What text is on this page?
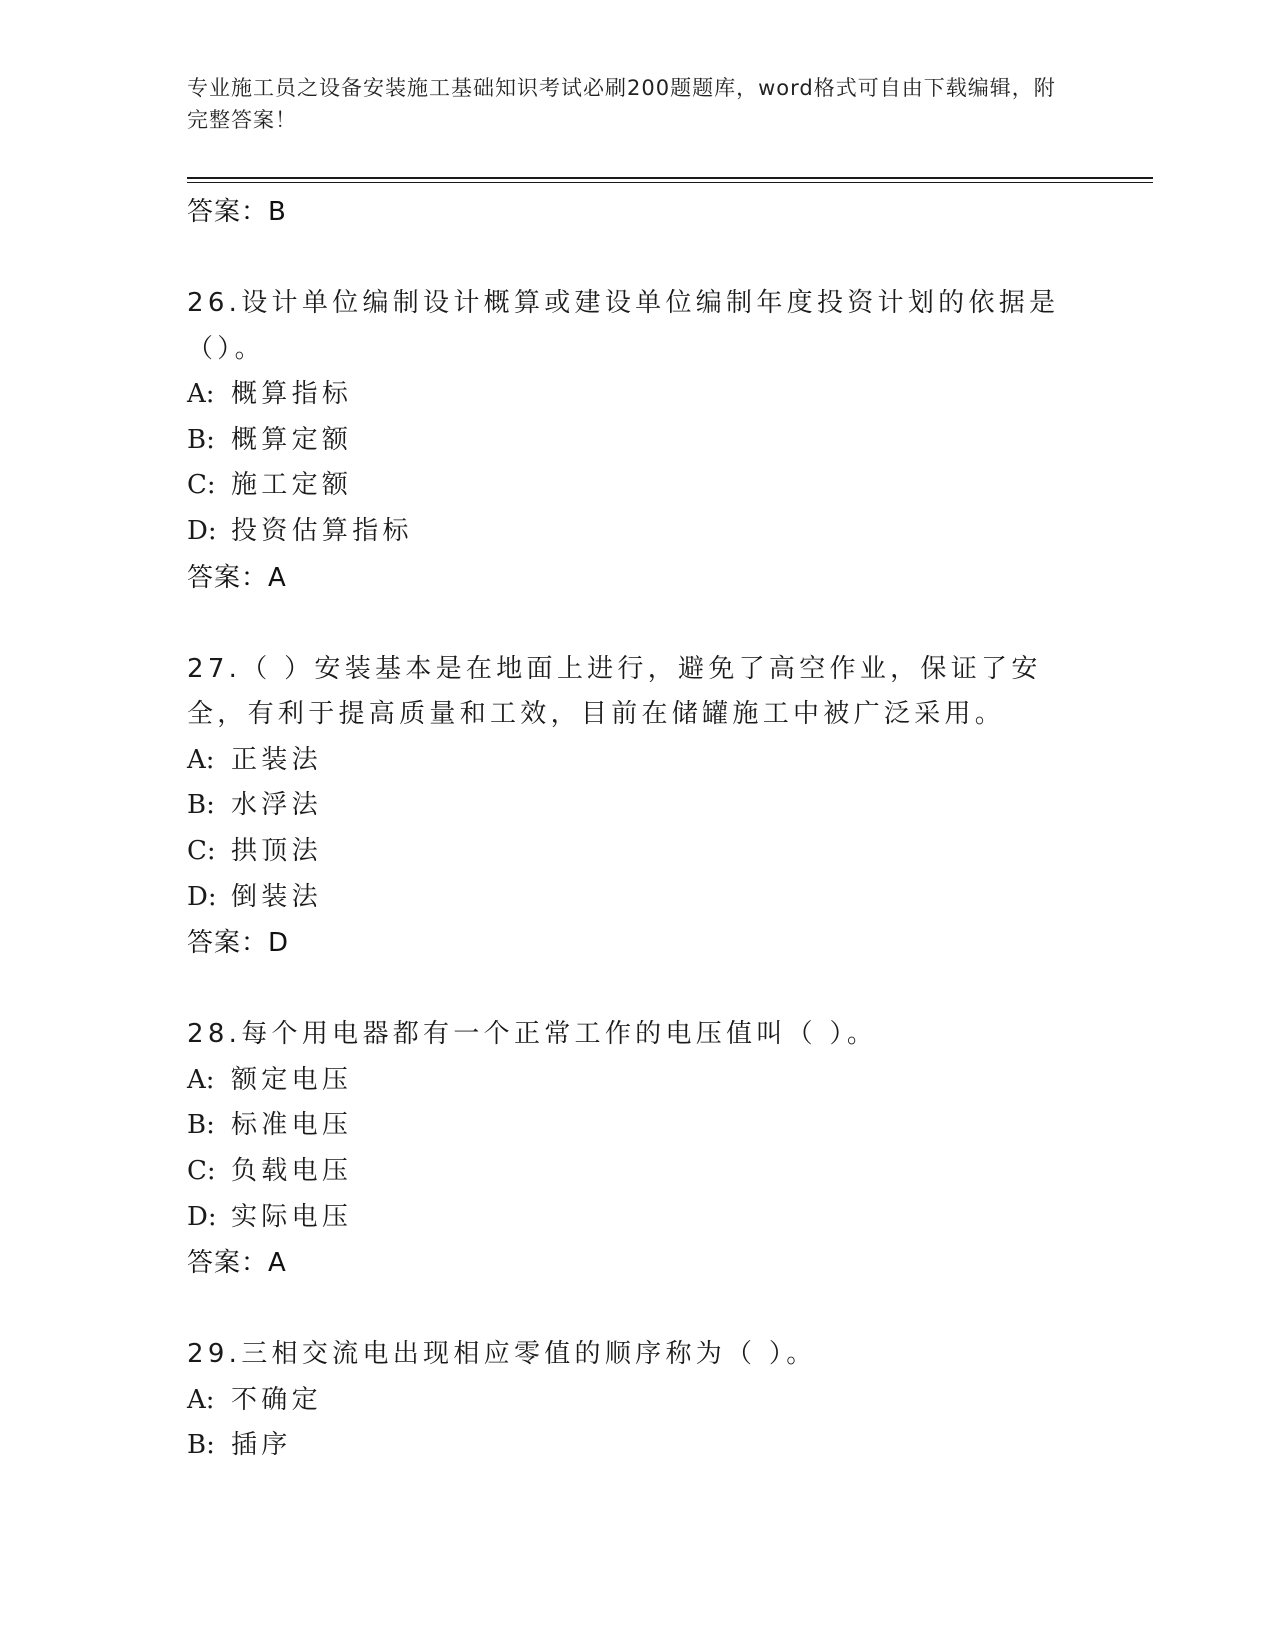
专业施工员之设备安装施工基础知识考试必刷200题题库，word格式可自由下载编辑，附完整答案！
答案：B

26.设计单位编制设计概算或建设单位编制年度投资计划的依据是（）。

A: 概算指标
B: 概算定额
C: 施工定额
D: 投资估算指标
答案：A

27.（ ）安装基本是在地面上进行，避免了高空作业，保证了安全，有利于提高质量和工效，目前在储罐施工中被广泛采用。

A: 正装法
B: 水浮法
C: 拱顶法
D: 倒装法
答案：D

28.每个用电器都有一个正常工作的电压值叫（ ）。

A: 额定电压
B: 标准电压
C: 负载电压
D: 实际电压
答案：A

29.三相交流电出现相应零值的顺序称为（ ）。

A: 不确定
B: 插序
